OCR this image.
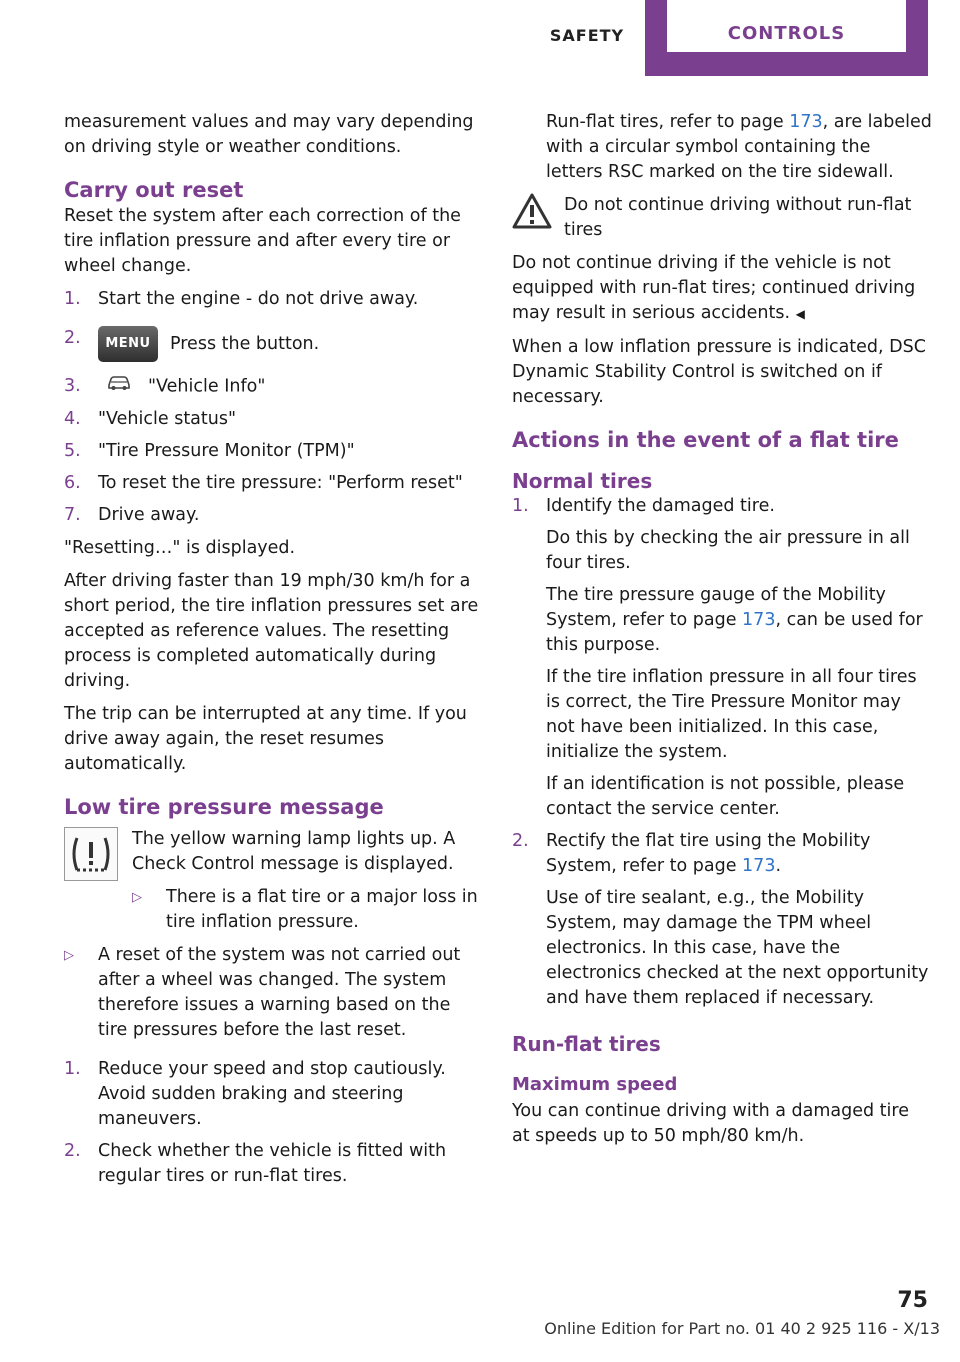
SAFETY	CONTROLS

measurement values and may vary depending on driving style or weather conditions.

Carry out reset

Reset the system after each correction of the tire inflation pressure and after every tire or wheel change.

1. Start the engine - do not drive away.
2. MENU Press the button.
3.	"Vehicle Info"
4. "Vehicle status"
5. "Tire Pressure Monitor (TPM)"
6. To reset the tire pressure: "Perform reset"
7. Drive away.

"Resetting…" is displayed.

After driving faster than 19 mph/30 km/h for a short period, the tire inflation pressures set are accepted as reference values. The resetting process is completed automatically during driving.

The trip can be interrupted at any time. If you drive away again, the reset resumes automatically.

Low tire pressure message

The yellow warning lamp lights up. A Check Control message is displayed.

▷ There is a flat tire or a major loss in tire inflation pressure.
▷ A reset of the system was not carried out after a wheel was changed. The system therefore issues a warning based on the tire pressures before the last reset.
1. Reduce your speed and stop cautiously. Avoid sudden braking and steering maneuvers.
2. Check whether the vehicle is fitted with regular tires or run-flat tires.

Run-flat tires, refer to page 173, are labeled with a circular symbol containing the letters RSC marked on the tire sidewall.

Do not continue driving without run-flat tires

Do not continue driving if the vehicle is not equipped with run-flat tires; continued driving may result in serious accidents. ◀

When a low inflation pressure is indicated, DSC Dynamic Stability Control is switched on if necessary.

Actions in the event of a flat tire
Normal tires
1. Identify the damaged tire.

Do this by checking the air pressure in all four tires.

The tire pressure gauge of the Mobility System, refer to page 173, can be used for this purpose.

If the tire inflation pressure in all four tires is correct, the Tire Pressure Monitor may not have been initialized. In this case, initialize the system.

If an identification is not possible, please contact the service center.

2. Rectify the flat tire using the Mobility System, refer to page 173.

Use of tire sealant, e.g., the Mobility System, may damage the TPM wheel electronics. In this case, have the electronics checked at the next opportunity and have them replaced if necessary.

Run-flat tires
Maximum speed

You can continue driving with a damaged tire at speeds up to 50 mph/80 km/h.

75
Online Edition for Part no. 01 40 2 925 116 - X/13
